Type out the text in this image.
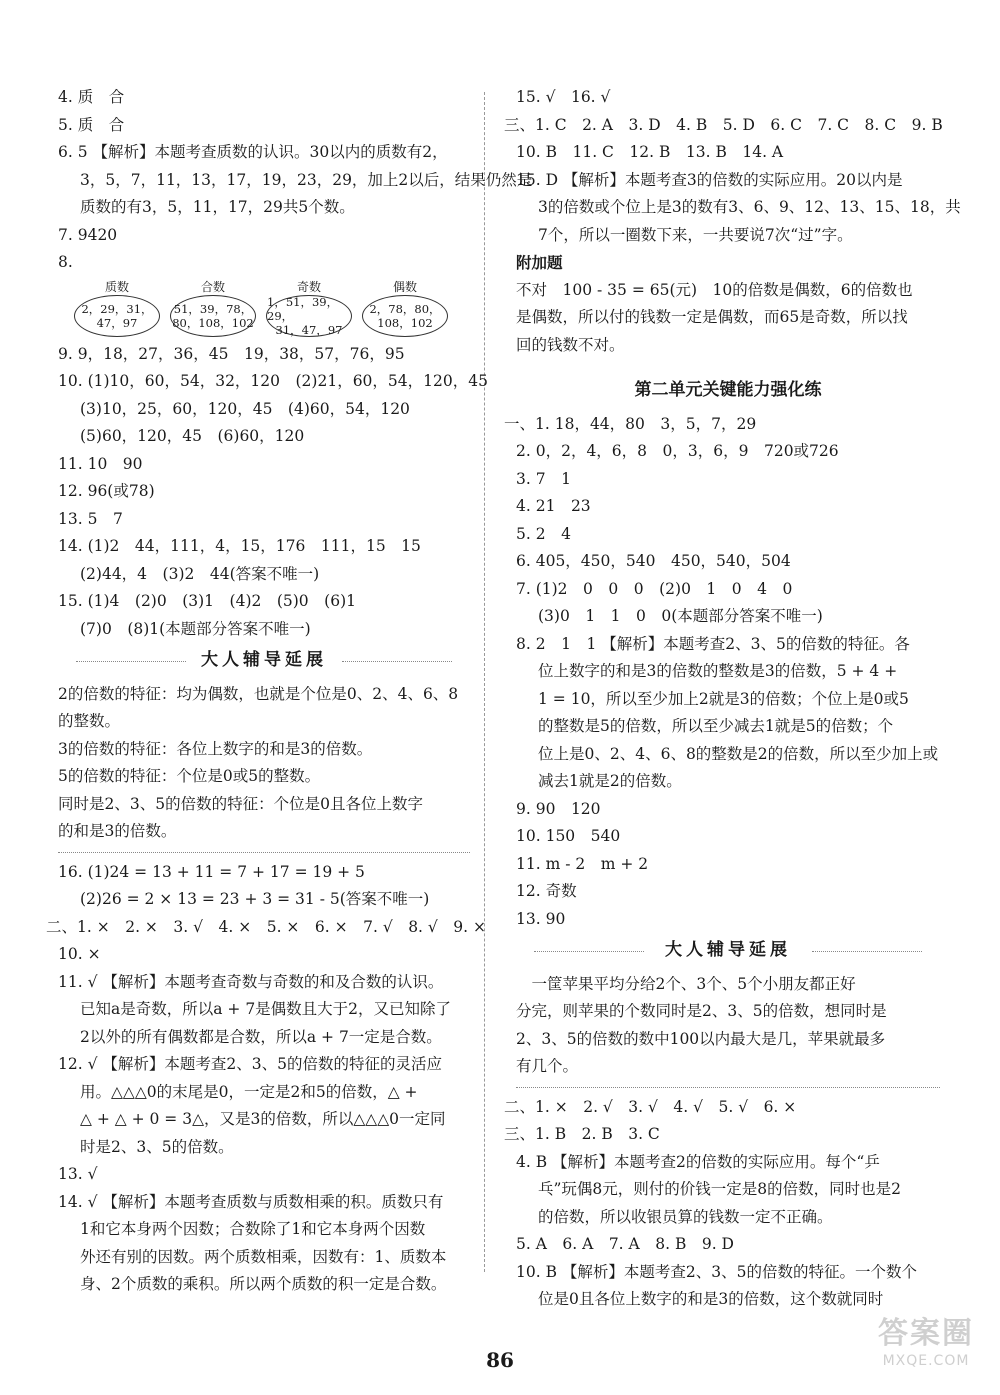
4. 质　合
5. 质　合
6. 5 【解析】本题考查质数的认识。30以内的质数有2，
3，5，7，11，13，17，19，23，29，加上2以后，结果仍然是
质数的有3，5，11，17，29共5个数。
7. 9420
8.
质数
2，29，31，
47，97
合数
51，39，78，
80，108，102
奇数
1，51，39，29，
31，47，97
偶数
2，78，80，
108，102
9. 9，18，27，36，45　19，38，57，76，95
10. (1)10，60，54，32，120　(2)21，60，54，120，45
(3)10，25，60，120，45　(4)60，54，120
(5)60，120，45　(6)60，120
11. 10　90
12. 96(或78)
13. 5　7
14. (1)2　44，111，4，15，176　111，15　15
(2)44，4　(3)2　44(答案不唯一)
15. (1)4　(2)0　(3)1　(4)2　(5)0　(6)1
(7)0　(8)1(本题部分答案不唯一)
大人辅导延展
2的倍数的特征：均为偶数，也就是个位是0、2、4、6、8
的整数。
3的倍数的特征：各位上数字的和是3的倍数。
5的倍数的特征：个位是0或5的整数。
同时是2、3、5的倍数的特征：个位是0且各位上数字
的和是3的倍数。
16. (1)24 = 13 + 11 = 7 + 17 = 19 + 5
(2)26 = 2 × 13 = 23 + 3 = 31 - 5(答案不唯一)
二、1. ×　2. ×　3. √　4. ×　5. ×　6. ×　7. √　8. √　9. ×
10. ×
11. √ 【解析】本题考查奇数与奇数的和及合数的认识。
已知a是奇数，所以a + 7是偶数且大于2，又已知除了
2以外的所有偶数都是合数，所以a + 7一定是合数。
12. √ 【解析】本题考查2、3、5的倍数的特征的灵活应
用。△△△0的末尾是0，一定是2和5的倍数，△ +
△ + △ + 0 = 3△，又是3的倍数，所以△△△0一定同
时是2、3、5的倍数。
13. √
14. √ 【解析】本题考查质数与质数相乘的积。质数只有
1和它本身两个因数；合数除了1和它本身两个因数
外还有别的因数。两个质数相乘，因数有：1、质数本
身、2个质数的乘积。所以两个质数的积一定是合数。
15. √　16. √
三、1. C　2. A　3. D　4. B　5. D　6. C　7. C　8. C　9. B
10. B　11. C　12. B　13. B　14. A
15. D 【解析】本题考查3的倍数的实际应用。20以内是
3的倍数或个位上是3的数有3、6、9、12、13、15、18，共
7个，所以一圈数下来，一共要说7次“过”字。
附加题
不对　100 - 35 = 65(元)　10的倍数是偶数，6的倍数也
是偶数，所以付的钱数一定是偶数，而65是奇数，所以找
回的钱数不对。
第二单元关键能力强化练
一、1. 18，44，80　3，5，7，29
2. 0，2，4，6，8　0，3，6，9　720或726
3. 7　1
4. 21　23
5. 2　4
6. 405，450，540　450，540，504
7. (1)2　0　0　0　(2)0　1　0　4　0
(3)0　1　1　0　0(本题部分答案不唯一)
8. 2　1　1 【解析】本题考查2、3、5的倍数的特征。各
位上数字的和是3的倍数的整数是3的倍数，5 + 4 +
1 = 10，所以至少加上2就是3的倍数；个位上是0或5
的整数是5的倍数，所以至少减去1就是5的倍数；个
位上是0、2、4、6、8的整数是2的倍数，所以至少加上或
减去1就是2的倍数。
9. 90　120
10. 150　540
11. m - 2　m + 2
12. 奇数
13. 90
大人辅导延展
　一筐苹果平均分给2个、3个、5个小朋友都正好
分完，则苹果的个数同时是2、3、5的倍数，想同时是
2、3、5的倍数的数中100以内最大是几，苹果就最多
有几个。
二、1. ×　2. √　3. √　4. √　5. √　6. ×
三、1. B　2. B　3. C
4. B 【解析】本题考查2的倍数的实际应用。每个“乒
乓”玩偶8元，则付的价钱一定是8的倍数，同时也是2
的倍数，所以收银员算的钱数一定不正确。
5. A　6. A　7. A　8. B　9. D
10. B 【解析】本题考查2、3、5的倍数的特征。一个数个
位是0且各位上数字的和是3的倍数，这个数就同时
86
答案圈
MXQE.COM
